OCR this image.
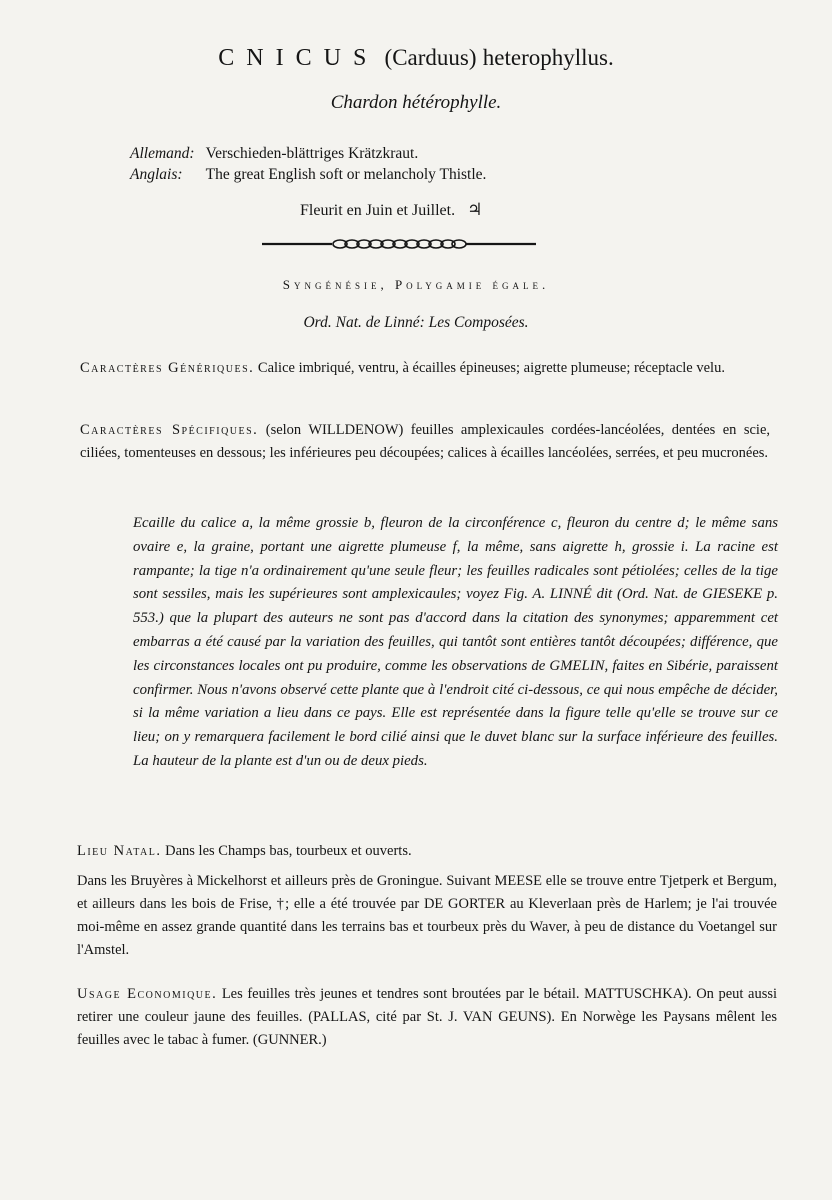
CNICUS (Carduus) heterophyllus.
Chardon hétérophylle.
Allemand: Verschieden-blättriges Krätzkraut.
Anglais: The great English soft or melancholy Thistle.
Fleurit en Juin et Juillet. ♃
Syngénésie, Polygamie égale.
Ord. Nat. de Linné: Les Composées.
Caractères Génériques. Calice imbriqué, ventru, à écailles épineuses; aigrette plumeuse; réceptacle velu.
Caractères Spécifiques. (selon WILLDENOW) feuilles amplexicaules cordées-lancéolées, dentées en scie, ciliées, tomenteuses en dessous; les inférieures peu découpées; calices à écailles lancéolées, serrées, et peu mucronées.
Ecaille du calice a, la même grossie b, fleuron de la circonférence c, fleuron du centre d; le même sans ovaire e, la graine, portant une aigrette plumeuse f, la même, sans aigrette h, grossie i. La racine est rampante; la tige n'a ordinairement qu'une seule fleur; les feuilles radicales sont pétiolées; celles de la tige sont sessiles, mais les supérieures sont amplexicaules; voyez Fig. A. LINNÉ dit (Ord. Nat. de GIESEKE p. 553.) que la plupart des auteurs ne sont pas d'accord dans la citation des synonymes; apparemment cet embarras a été causé par la variation des feuilles, qui tantôt sont entières tantôt découpées; différence, que les circonstances locales ont pu produire, comme les observations de GMELIN, faites en Sibérie, paraissent confirmer. Nous n'avons observé cette plante que à l'endroit cité ci-dessous, ce qui nous empêche de décider, si la même variation a lieu dans ce pays. Elle est représentée dans la figure telle qu'elle se trouve sur ce lieu; on y remarquera facilement le bord cilié ainsi que le duvet blanc sur la surface inférieure des feuilles. La hauteur de la plante est d'un ou de deux pieds.
Lieu Natal. Dans les Champs bas, tourbeux et ouverts.
Dans les Bruyères à Mickelhorst et ailleurs près de Groningue. Suivant MEESE elle se trouve entre Tjetperk et Bergum, et ailleurs dans les bois de Frise, †; elle a été trouvée par DE GORTER au Kleverlaan près de Harlem; je l'ai trouvée moi-même en assez grande quantité dans les terrains bas et tourbeux près du Waver, à peu de distance du Voetangel sur l'Amstel.
Usage Economique. Les feuilles très jeunes et tendres sont broutées par le bétail. MATTUSCHKA). On peut aussi retirer une couleur jaune des feuilles. (PALLAS, cité par St. J. VAN GEUNS). En Norwège les Paysans mêlent les feuilles avec le tabac à fumer. (GUNNER.)
